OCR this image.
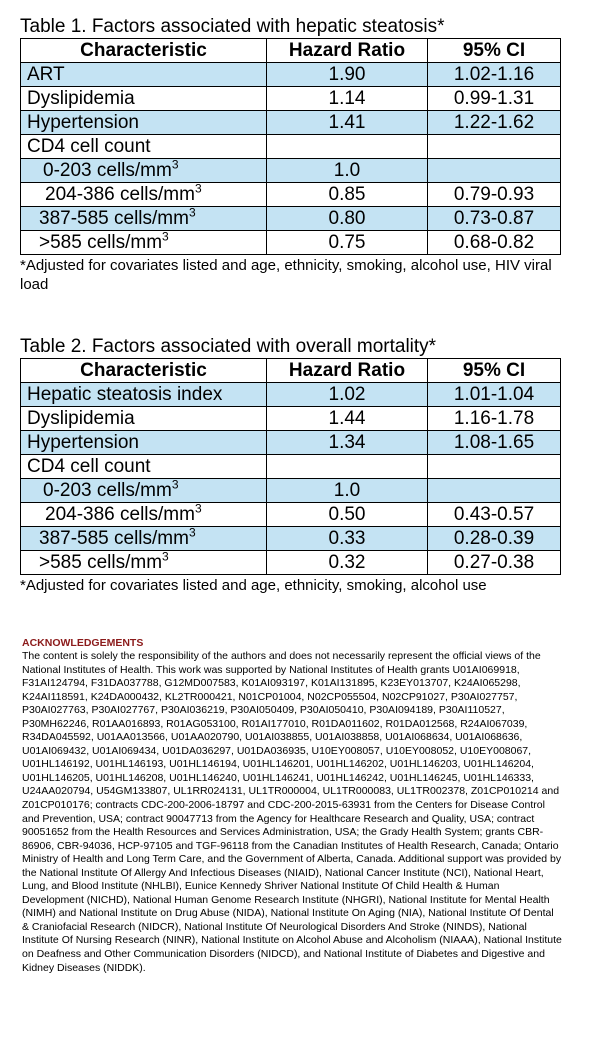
Table 1. Factors associated with hepatic steatosis*
Characteristic	Hazard Ratio	95% CI
ART	1.90	1.02-1.16
Dyslipidemia	1.14	0.99-1.31
Hypertension	1.41	1.22-1.62
CD4 cell count		
0-203 cells/$mm^3$	1.0	
204-386 cells/$mm^3$	0.85	0.79-0.93
387-585 cells/$mm^3$	0.80	0.73-0.87
>585 cells/$mm^3$	0.75	0.68-0.82
*Adjusted for covariates listed and age, ethnicity, smoking, alcohol use, HIV viral load
Table 2. Factors associated with overall mortality*
Characteristic	Hazard Ratio	95% CI
Hepatic steatosis index	1.02	1.01-1.04
Dyslipidemia	1.44	1.16-1.78
Hypertension	1.34	1.08-1.65
CD4 cell count		
0-203 cells/$mm^3$	1.0	
204-386 cells/$mm^3$	0.50	0.43-0.57
387-585 cells/$mm^3$	0.33	0.28-0.39
>585 cells/$mm^3$	0.32	0.27-0.38
*Adjusted for covariates listed and age, ethnicity, smoking, alcohol use
ACKNOWLEDGEMENTS
The content is solely the responsibility of the authors and does not necessarily represent the official views of the National Institutes of Health. This work was supported by National Institutes of Health grants U01AI069918, F31AI124794, F31DA037788, G12MD007583, K01AI093197, K01AI131895, K23EY013707, K24AI065298, K24AI118591, K24DA000432, KL2TR000421, N01CP01004, N02CP055504, N02CP91027, P30AI027757, P30AI027763, P30AI027767, P30AI036219, P30AI050409, P30AI050410, P30AI094189, P30AI110527, P30MH62246, R01AA016893, R01AG053100, R01AI177010, R01DA011602, R01DA012568, R24AI067039, R34DA045592, U01AA013566, U01AA020790, U01AI038855, U01AI038858, U01AI068634, U01AI068636, U01AI069432, U01AI069434, U01DA036297, U01DA036935, U10EY008057, U10EY008052, U10EY008067, U01HL146192, U01HL146193, U01HL146194, U01HL146201, U01HL146202, U01HL146203, U01HL146204, U01HL146205, U01HL146208, U01HL146240, U01HL146241, U01HL146242, U01HL146245, U01HL146333, U24AA020794, U54GM133807, UL1RR024131, UL1TR000004, UL1TR000083, UL1TR002378, Z01CP010214 and Z01CP010176; contracts CDC-200-2006-18797 and CDC-200-2015-63931 from the Centers for Disease Control and Prevention, USA; contract 90047713 from the Agency for Healthcare Research and Quality, USA; contract 90051652 from the Health Resources and Services Administration, USA; the Grady Health System; grants CBR-86906, CBR-94036, HCP-97105 and TGF-96118 from the Canadian Institutes of Health Research, Canada; Ontario Ministry of Health and Long Term Care, and the Government of Alberta, Canada. Additional support was provided by the National Institute Of Allergy And Infectious Diseases (NIAID), National Cancer Institute (NCI), National Heart, Lung, and Blood Institute (NHLBI), Eunice Kennedy Shriver National Institute Of Child Health & Human Development (NICHD), National Human Genome Research Institute (NHGRI), National Institute for Mental Health (NIMH) and National Institute on Drug Abuse (NIDA), National Institute On Aging (NIA), National Institute Of Dental & Craniofacial Research (NIDCR), National Institute Of Neurological Disorders And Stroke (NINDS), National Institute Of Nursing Research (NINR), National Institute on Alcohol Abuse and Alcoholism (NIAAA), National Institute on Deafness and Other Communication Disorders (NIDCD), and National Institute of Diabetes and Digestive and Kidney Diseases (NIDDK).
